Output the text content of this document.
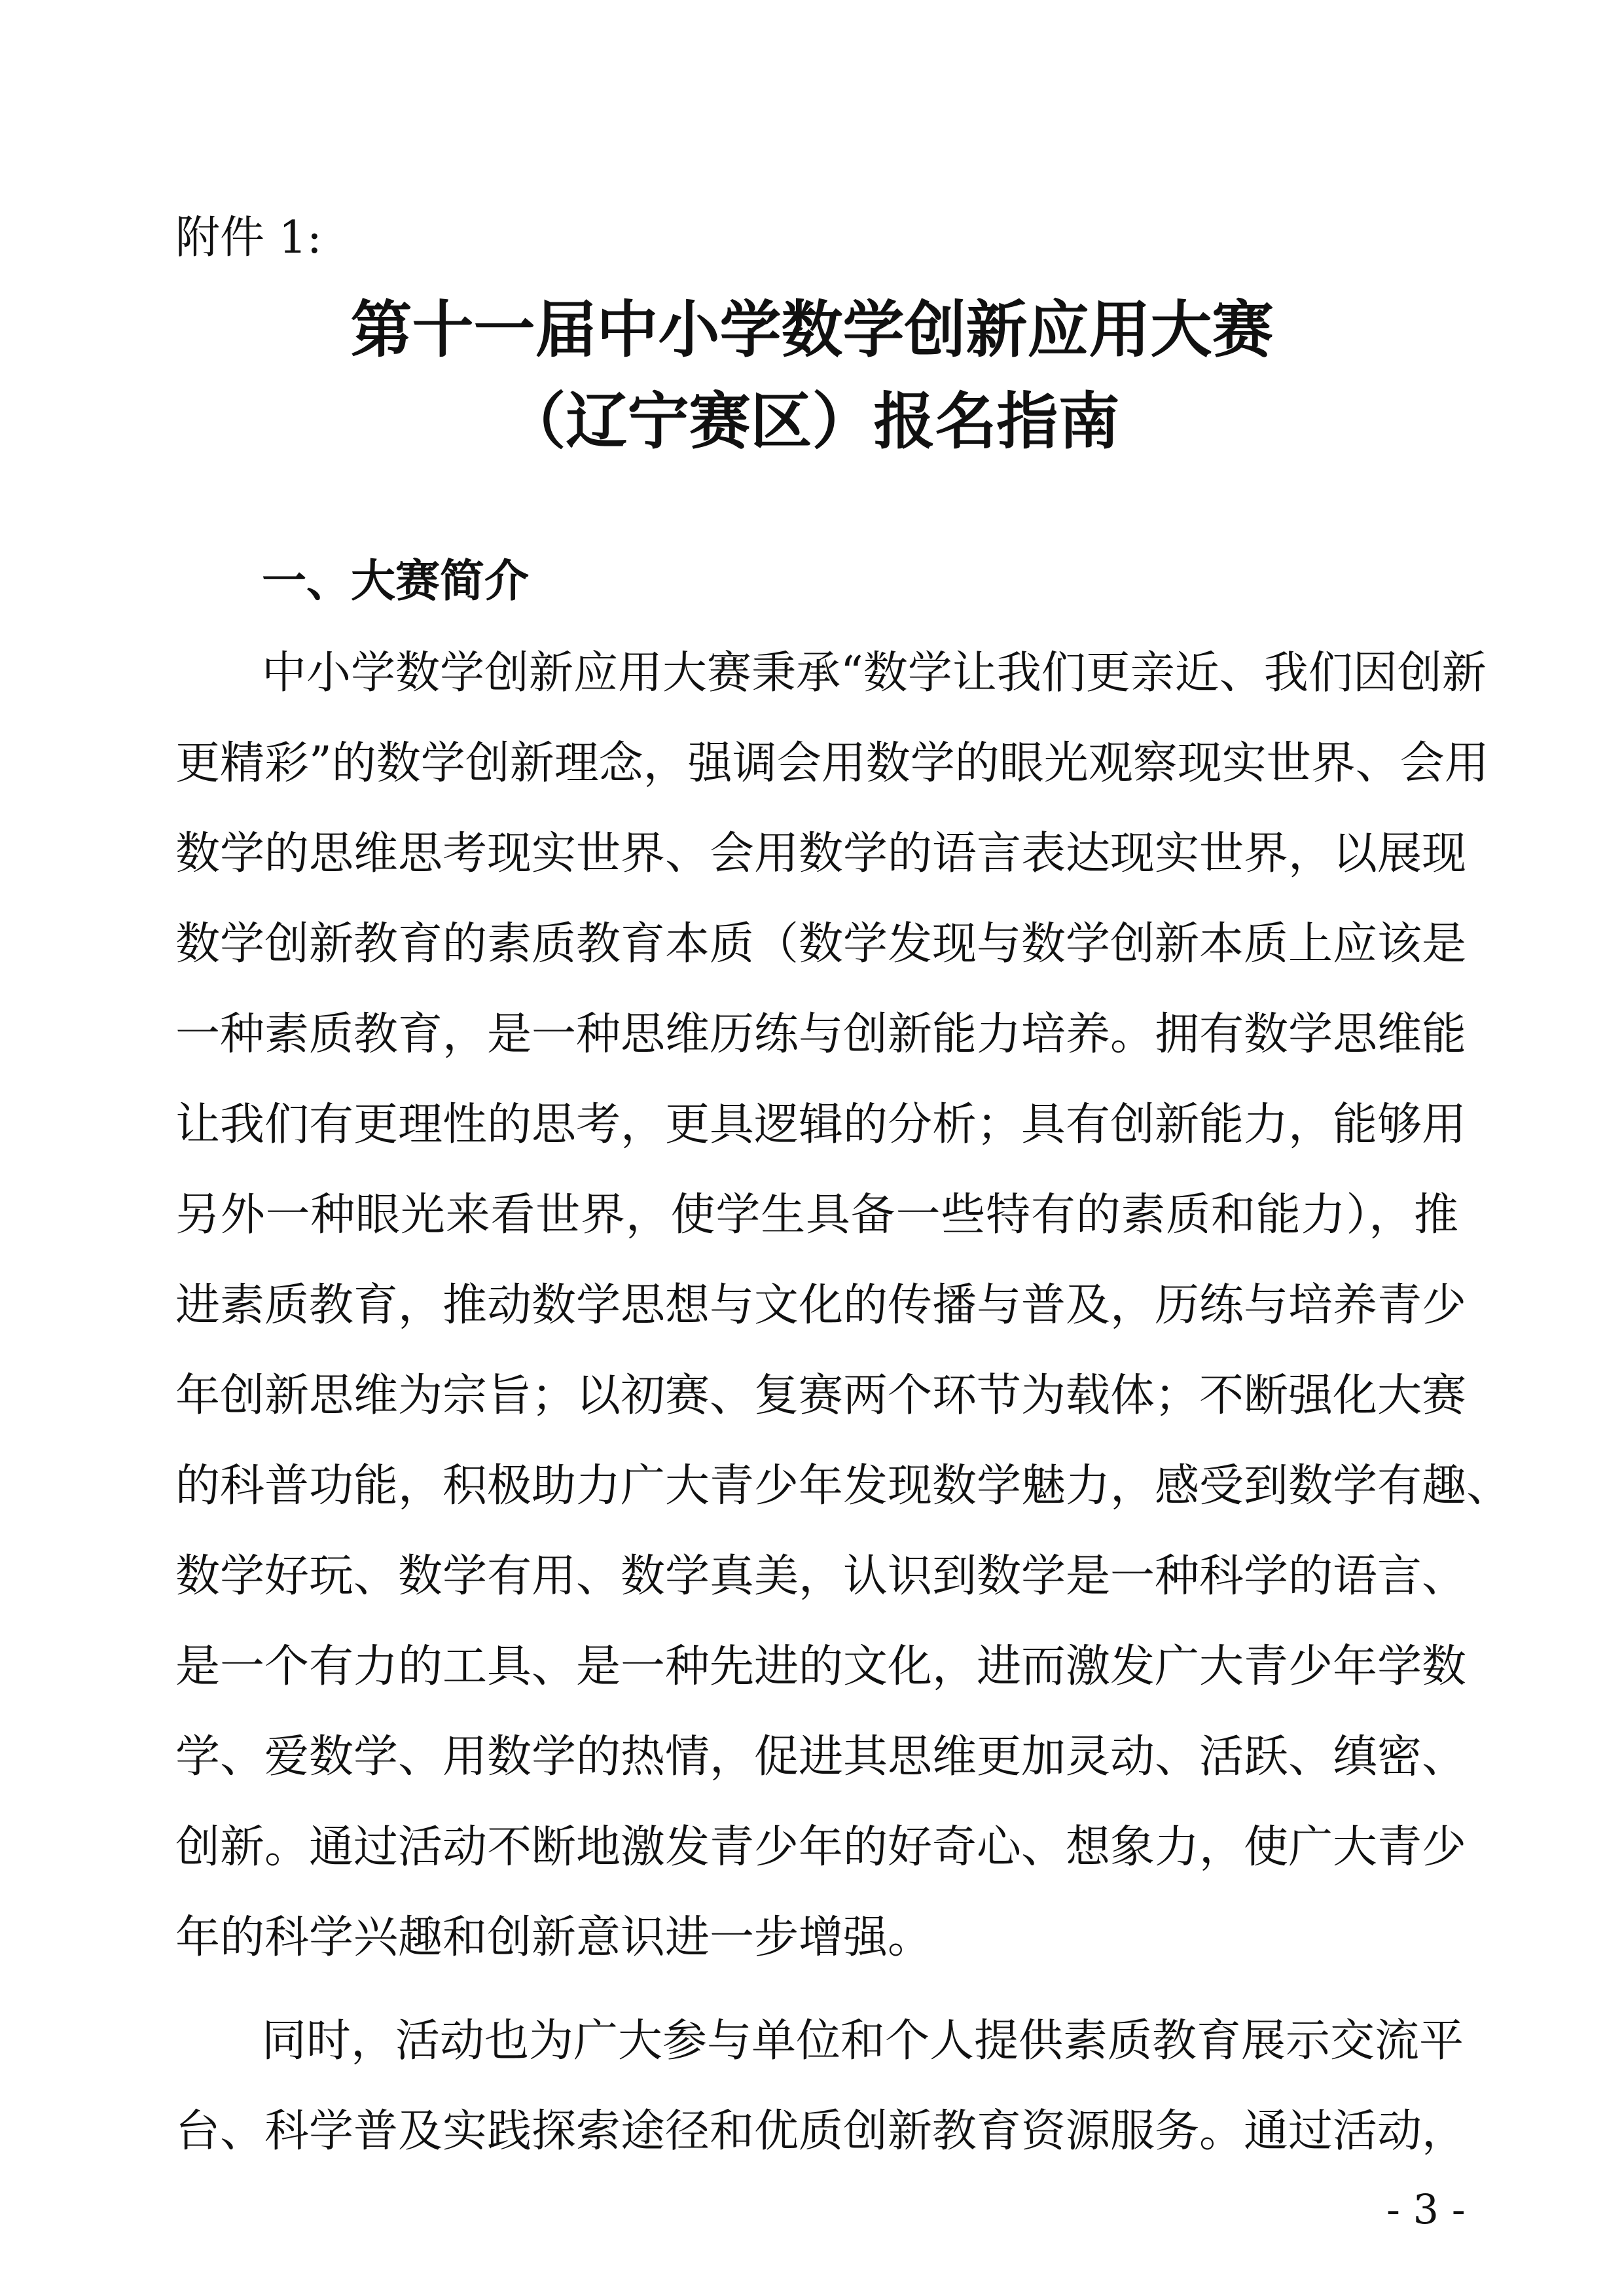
附件 1:
第十一届中小学数学创新应用大赛
（辽宁赛区）报名指南
一、大赛简介
中小学数学创新应用大赛秉承“数学让我们更亲近、我们因创新
更精彩”的数学创新理念，强调会用数学的眼光观察现实世界、会用
数学的思维思考现实世界、会用数学的语言表达现实世界，以展现
数学创新教育的素质教育本质（数学发现与数学创新本质上应该是
一种素质教育，是一种思维历练与创新能力培养。拥有数学思维能
让我们有更理性的思考，更具逻辑的分析；具有创新能力，能够用
另外一种眼光来看世界，使学生具备一些特有的素质和能力），推
进素质教育，推动数学思想与文化的传播与普及，历练与培养青少
年创新思维为宗旨；以初赛、复赛两个环节为载体；不断强化大赛
的科普功能，积极助力广大青少年发现数学魅力，感受到数学有趣、
数学好玩、数学有用、数学真美，认识到数学是一种科学的语言、
是一个有力的工具、是一种先进的文化，进而激发广大青少年学数
学、爱数学、用数学的热情，促进其思维更加灵动、活跃、缜密、
创新。通过活动不断地激发青少年的好奇心、想象力，使广大青少
年的科学兴趣和创新意识进一步增强。
同时，活动也为广大参与单位和个人提供素质教育展示交流平
台、科学普及实践探索途径和优质创新教育资源服务。通过活动，
- 3 -
